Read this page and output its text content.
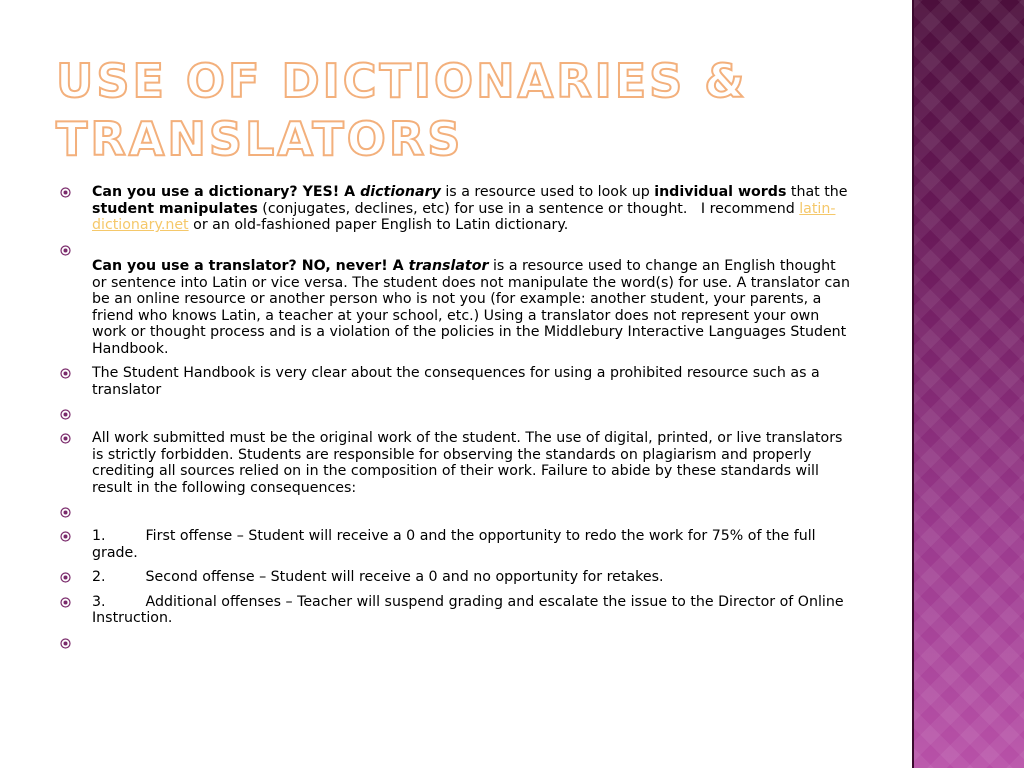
USE OF DICTIONARIES & TRANSLATORS
Can you use a dictionary? YES! A dictionary is a resource used to look up individual words that the student manipulates (conjugates, declines, etc) for use in a sentence or thought.   I recommend latin-dictionary.net or an old-fashioned paper English to Latin dictionary.

Can you use a translator? NO, never! A translator is a resource used to change an English thought or sentence into Latin or vice versa. The student does not manipulate the word(s) for use. A translator can be an online resource or another person who is not you (for example: another student, your parents, a friend who knows Latin, a teacher at your school, etc.) Using a translator does not represent your own work or thought process and is a violation of the policies in the Middlebury Interactive Languages Student Handbook.
The Student Handbook is very clear about the consequences for using a prohibited resource such as a translator
All work submitted must be the original work of the student. The use of digital, printed, or live translators is strictly forbidden. Students are responsible for observing the standards on plagiarism and properly crediting all sources relied on in the composition of their work. Failure to abide by these standards will result in the following consequences:
1.	First offense – Student will receive a 0 and the opportunity to redo the work for 75% of the full grade.
2.	Second offense – Student will receive a 0 and no opportunity for retakes.
3.	Additional offenses – Teacher will suspend grading and escalate the issue to the Director of Online Instruction.
